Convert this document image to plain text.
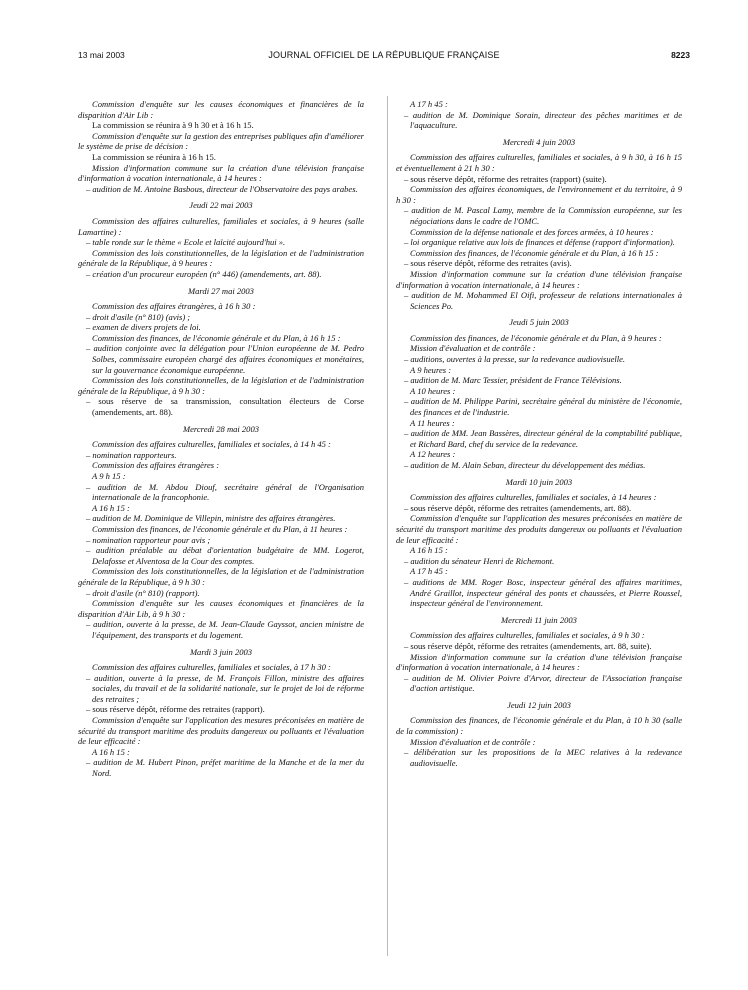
13 mai 2003	JOURNAL OFFICIEL DE LA RÉPUBLIQUE FRANÇAISE	8223
Commission d'enquête sur les causes économiques et financières de la disparition d'Air Lib :
La commission se réunira à 9 h 30 et à 16 h 15.
Commission d'enquête sur la gestion des entreprises publiques afin d'améliorer le système de prise de décision :
La commission se réunira à 16 h 15.
Mission d'information commune sur la création d'une télévision française d'information à vocation internationale, à 14 heures :
– audition de M. Antoine Basbous, directeur de l'Observatoire des pays arabes.
Jeudi 22 mai 2003
Commission des affaires culturelles, familiales et sociales, à 9 heures (salle Lamartine) :
– table ronde sur le thème « Ecole et laïcité aujourd'hui ».
Commission des lois constitutionnelles, de la législation et de l'administration générale de la République, à 9 heures :
– création d'un procureur européen (n° 446) (amendements, art. 88).
Mardi 27 mai 2003
Commission des affaires étrangères, à 16 h 30 :
– droit d'asile (n° 810) (avis) ;
– examen de divers projets de loi.
Commission des finances, de l'économie générale et du Plan, à 16 h 15 :
– audition conjointe avec la délégation pour l'Union européenne de M. Pedro Solbes, commissaire européen chargé des affaires économiques et monétaires, sur la gouvernance économique européenne.
Commission des lois constitutionnelles, de la législation et de l'administration générale de la République, à 9 h 30 :
– sous réserve de sa transmission, consultation électeurs de Corse (amendements, art. 88).
Mercredi 28 mai 2003
Commission des affaires culturelles, familiales et sociales, à 14 h 45 :
– nomination rapporteurs.
Commission des affaires étrangères :
A 9 h 15 :
– audition de M. Abdou Diouf, secrétaire général de l'Organisation internationale de la francophonie.
A 16 h 15 :
– audition de M. Dominique de Villepin, ministre des affaires étrangères.
Commission des finances, de l'économie générale et du Plan, à 11 heures :
– nomination rapporteur pour avis ;
– audition préalable au débat d'orientation budgétaire de MM. Logerot, Delafosse et Alventosa de la Cour des comptes.
Commission des lois constitutionnelles, de la législation et de l'administration générale de la République, à 9 h 30 :
– droit d'asile (n° 810) (rapport).
Commission d'enquête sur les causes économiques et financières de la disparition d'Air Lib, à 9 h 30 :
– audition, ouverte à la presse, de M. Jean-Claude Gayssot, ancien ministre de l'équipement, des transports et du logement.
Mardi 3 juin 2003
Commission des affaires culturelles, familiales et sociales, à 17 h 30 :
– audition, ouverte à la presse, de M. François Fillon, ministre des affaires sociales, du travail et de la solidarité nationale, sur le projet de loi de réforme des retraites ;
– sous réserve dépôt, réforme des retraites (rapport).
Commission d'enquête sur l'application des mesures préconisées en matière de sécurité du transport maritime des produits dangereux ou polluants et l'évaluation de leur efficacité :
A 16 h 15 :
– audition de M. Hubert Pinon, préfet maritime de la Manche et de la mer du Nord.
A 17 h 45 :
– audition de M. Dominique Sorain, directeur des pêches maritimes et de l'aquaculture.
Mercredi 4 juin 2003
Commission des affaires culturelles, familiales et sociales, à 9 h 30, à 16 h 15 et éventuellement à 21 h 30 :
– sous réserve dépôt, réforme des retraites (rapport) (suite).
Commission des affaires économiques, de l'environnement et du territoire, à 9 h 30 :
– audition de M. Pascal Lamy, membre de la Commission européenne, sur les négociations dans le cadre de l'OMC.
Commission de la défense nationale et des forces armées, à 10 heures :
– loi organique relative aux lois de finances et défense (rapport d'information).
Commission des finances, de l'économie générale et du Plan, à 16 h 15 :
– sous réserve dépôt, réforme des retraites (avis).
Mission d'information commune sur la création d'une télévision française d'information à vocation internationale, à 14 heures :
– audition de M. Mohammed El Oifi, professeur de relations internationales à Sciences Po.
Jeudi 5 juin 2003
Commission des finances, de l'économie générale et du Plan, à 9 heures :
Mission d'évaluation et de contrôle :
– auditions, ouvertes à la presse, sur la redevance audiovisuelle.
A 9 heures :
– audition de M. Marc Tessier, président de France Télévisions.
A 10 heures :
– audition de M. Philippe Parini, secrétaire général du ministère de l'économie, des finances et de l'industrie.
A 11 heures :
– audition de MM. Jean Bassères, directeur général de la comptabilité publique, et Richard Bard, chef du service de la redevance.
A 12 heures :
– audition de M. Alain Seban, directeur du développement des médias.
Mardi 10 juin 2003
Commission des affaires culturelles, familiales et sociales, à 14 heures :
– sous réserve dépôt, réforme des retraites (amendements, art. 88).
Commission d'enquête sur l'application des mesures préconisées en matière de sécurité du transport maritime des produits dangereux ou polluants et l'évaluation de leur efficacité :
A 16 h 15 :
– audition du sénateur Henri de Richemont.
A 17 h 45 :
– auditions de MM. Roger Bosc, inspecteur général des affaires maritimes, André Graillot, inspecteur général des ponts et chaussées, et Pierre Roussel, inspecteur général de l'environnement.
Mercredi 11 juin 2003
Commission des affaires culturelles, familiales et sociales, à 9 h 30 :
– sous réserve dépôt, réforme des retraites (amendements, art. 88, suite).
Mission d'information commune sur la création d'une télévision française d'information à vocation internationale, à 14 heures :
– audition de M. Olivier Poivre d'Arvor, directeur de l'Association française d'action artistique.
Jeudi 12 juin 2003
Commission des finances, de l'économie générale et du Plan, à 10 h 30 (salle de la commission) :
Mission d'évaluation et de contrôle :
– délibération sur les propositions de la MEC relatives à la redevance audiovisuelle.
